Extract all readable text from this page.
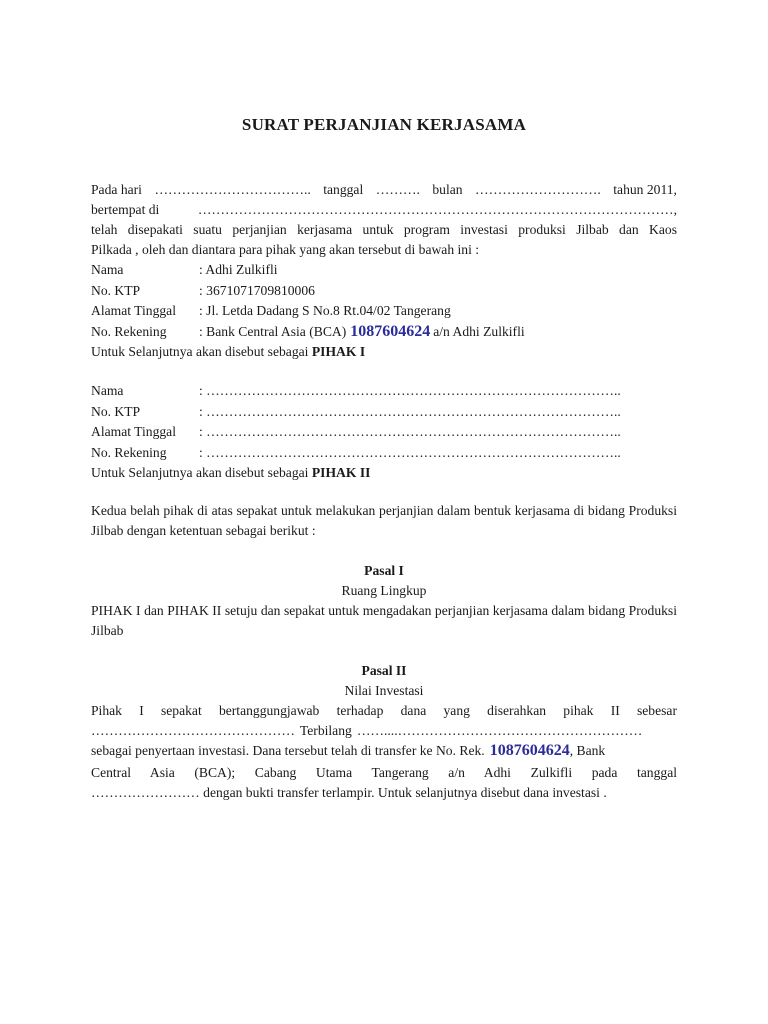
SURAT PERJANJIAN KERJASAMA
Pada hari …………………………….. tanggal ………. bulan ………………………. tahun 2011,
bertempat di	……………………………………………………………………………………………,
telah disepakati suatu perjanjian kerjasama untuk program investasi produksi Jilbab dan Kaos
Pilkada , oleh dan diantara para pihak yang akan tersebut di bawah ini :
Nama	: Adhi Zulkifli
No. KTP	: 3671071709810006
Alamat Tinggal	: Jl. Letda Dadang S No.8 Rt.04/02 Tangerang
No. Rekening	: Bank Central Asia (BCA) 1087604624 a/n Adhi Zulkifli
Untuk Selanjutnya akan disebut sebagai PIHAK I
Nama	: ………………………………………………………………………………..
No. KTP	: ………………………………………………………………………………..
Alamat Tinggal	: ………………………………………………………………………………..
No. Rekening	: ………………………………………………………………………………..
Untuk Selanjutnya akan disebut sebagai PIHAK II
Kedua belah pihak di atas sepakat untuk melakukan perjanjian dalam bentuk kerjasama di bidang Produksi Jilbab dengan ketentuan sebagai berikut :
Pasal I
Ruang Lingkup
PIHAK I dan PIHAK II setuju dan sepakat untuk mengadakan perjanjian kerjasama dalam bidang Produksi Jilbab
Pasal II
Nilai Investasi
Pihak I sepakat bertanggungjawab terhadap dana yang diserahkan pihak II sebesar
……………………………………… Terbilang ……....………………………………………………
sebagai penyertaan investasi. Dana tersebut telah di transfer ke No. Rek. 1087604624 , Bank
Central Asia (BCA); Cabang Utama Tangerang a/n Adhi Zulkifli pada tanggal
…………………… dengan bukti transfer terlampir. Untuk selanjutnya disebut dana investasi .
